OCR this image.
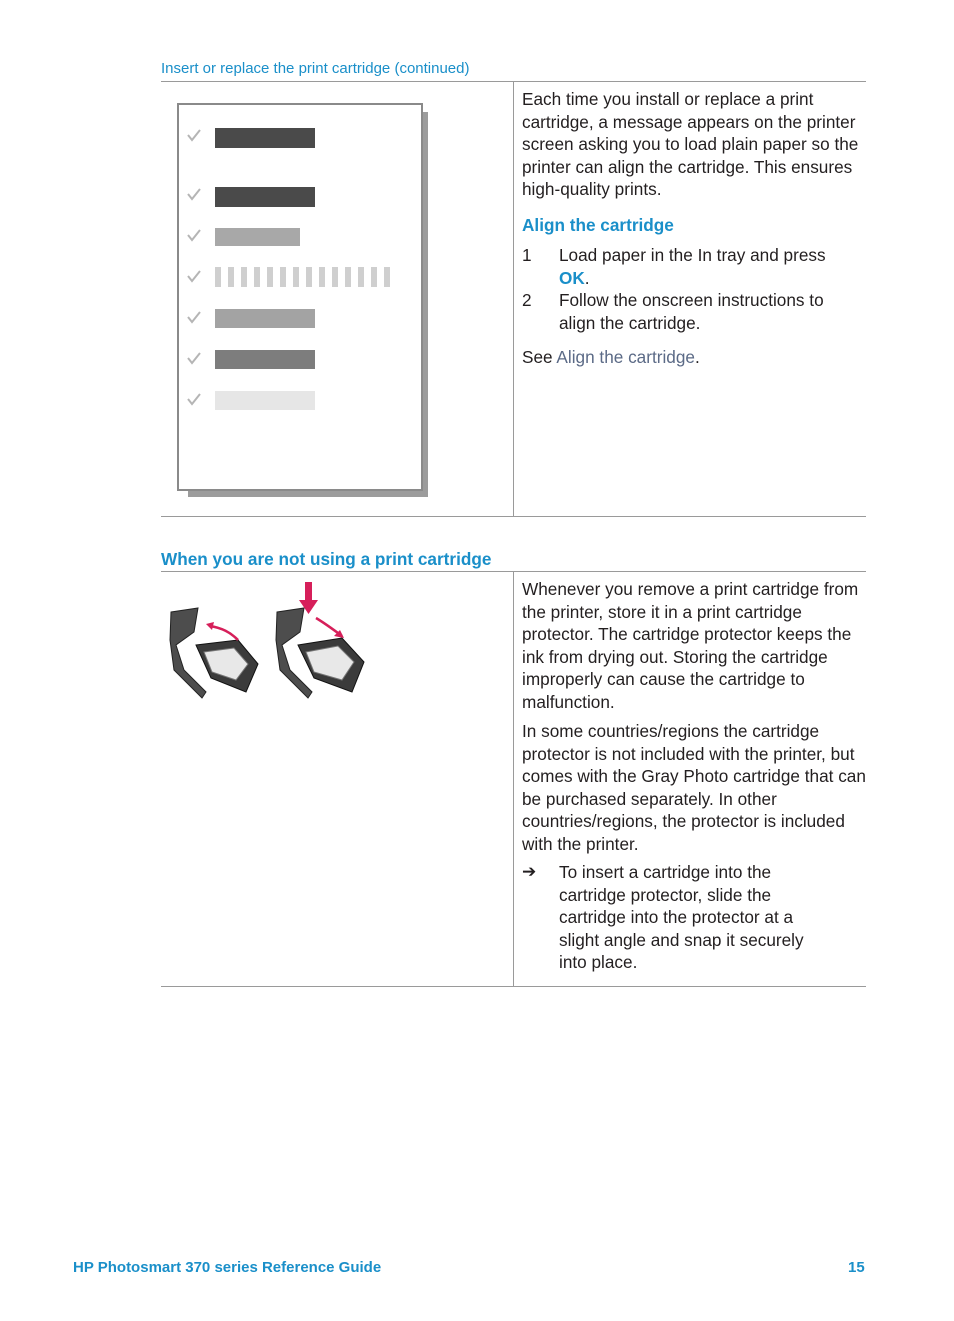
Insert or replace the print cartridge (continued)
Each time you install or replace a print cartridge, a message appears on the printer screen asking you to load plain paper so the printer can align the cartridge. This ensures high-quality prints.
Align the cartridge
1 Load paper in the In tray and press OK.
2 Follow the onscreen instructions to align the cartridge.
See Align the cartridge.
When you are not using a print cartridge
Whenever you remove a print cartridge from the printer, store it in a print cartridge protector. The cartridge protector keeps the ink from drying out. Storing the cartridge improperly can cause the cartridge to malfunction.
In some countries/regions the cartridge protector is not included with the printer, but comes with the Gray Photo cartridge that can be purchased separately. In other countries/regions, the protector is included with the printer.
➔ To insert a cartridge into the cartridge protector, slide the cartridge into the protector at a slight angle and snap it securely into place.
HP Photosmart 370 series Reference Guide	15
